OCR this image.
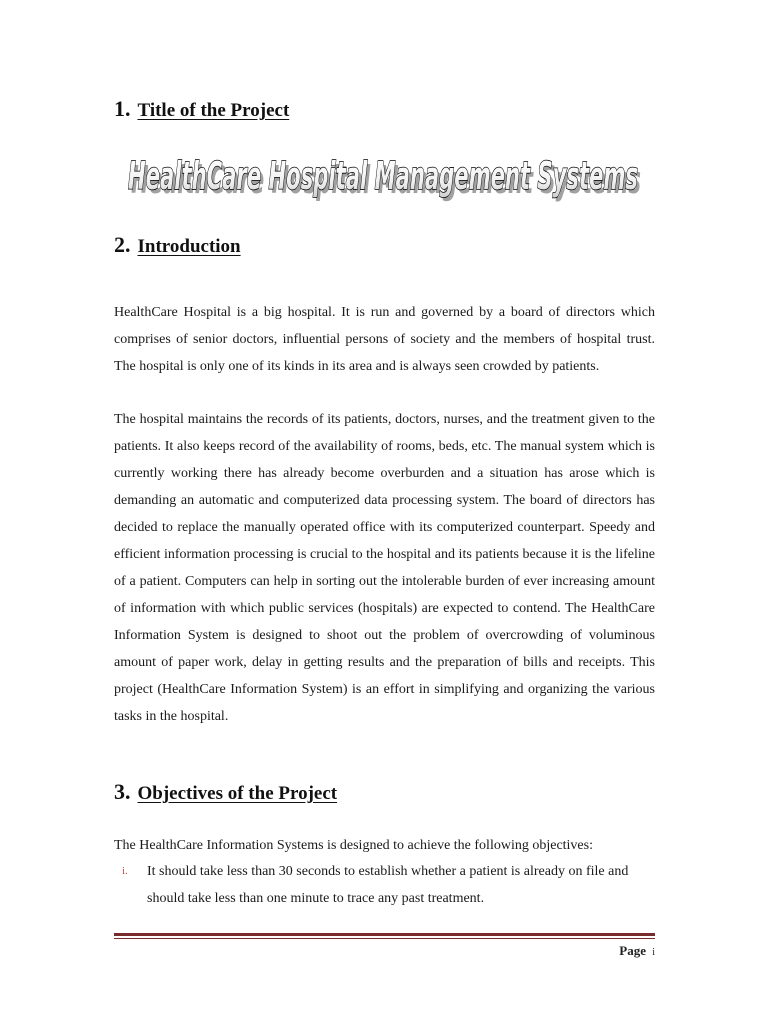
1. Title of the Project
HealthCare Hospital Management Systems
HealthCare Hospital Management Systems
2. Introduction

HealthCare Hospital is a big hospital. It is run and governed by a board of directors which comprises of senior doctors, influential persons of society and the members of hospital trust. The hospital is only one of its kinds in its area and is always seen crowded by patients.

The hospital maintains the records of its patients, doctors, nurses, and the treatment given to the patients. It also keeps record of the availability of rooms, beds, etc. The manual system which is currently working there has already become overburden and a situation has arose which is demanding an automatic and computerized data processing system. The board of directors has decided to replace the manually operated office with its computerized counterpart. Speedy and efficient information processing is crucial to the hospital and its patients because it is the lifeline of a patient. Computers can help in sorting out the intolerable burden of ever increasing amount of information with which public services (hospitals) are expected to contend. The HealthCare Information System is designed to shoot out the problem of overcrowding of voluminous amount of paper work, delay in getting results and the preparation of bills and receipts. This project (HealthCare Information System) is an effort in simplifying and organizing the various tasks in the hospital.

3. Objectives of the Project

The HealthCare Information Systems is designed to achieve the following objectives:

i. It should take less than 30 seconds to establish whether a patient is already on file and should take less than one minute to trace any past treatment.
Page i
